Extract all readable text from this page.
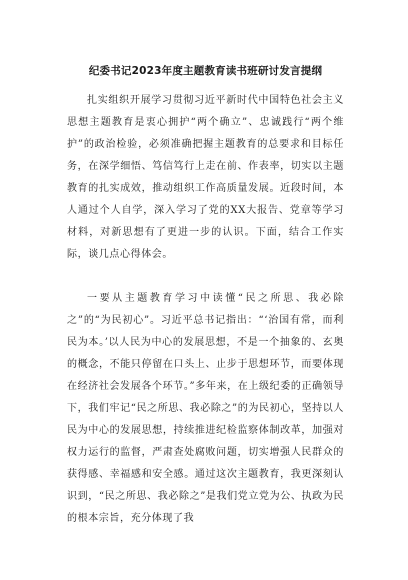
纪委书记2023年度主题教育读书班研讨发言提纲

扎实组织开展学习贯彻习近平新时代中国特色社会主义思想主题教育是衷心拥护“两个确立”、忠诚践行“两个维护”的政治检验，必须准确把握主题教育的总要求和目标任务，在深学细悟、笃信笃行上走在前、作表率，切实以主题教育的扎实成效，推动组织工作高质量发展。近段时间，本人通过个人自学，深入学习了党的XX大报告、党章等学习材料，对新思想有了更进一步的认识。下面，结合工作实际，谈几点心得体会。

一要从主题教育学习中读懂“民之所思、我必除之”的“为民初心”。习近平总书记指出：“‘治国有常，而利民为本。’以人民为中心的发展思想，不是一个抽象的、玄奥的概念，不能只停留在口头上、止步于思想环节，而要体现在经济社会发展各个环节。”多年来，在上级纪委的正确领导下，我们牢记“民之所思、我必除之”的为民初心，坚持以人民为中心的发展思想，持续推进纪检监察体制改革，加强对权力运行的监督，严肃查处腐败问题，切实增强人民群众的获得感、幸福感和安全感。通过这次主题教育，我更深刻认识到，“民之所思、我必除之”是我们党立党为公、执政为民的根本宗旨，充分体现了我
